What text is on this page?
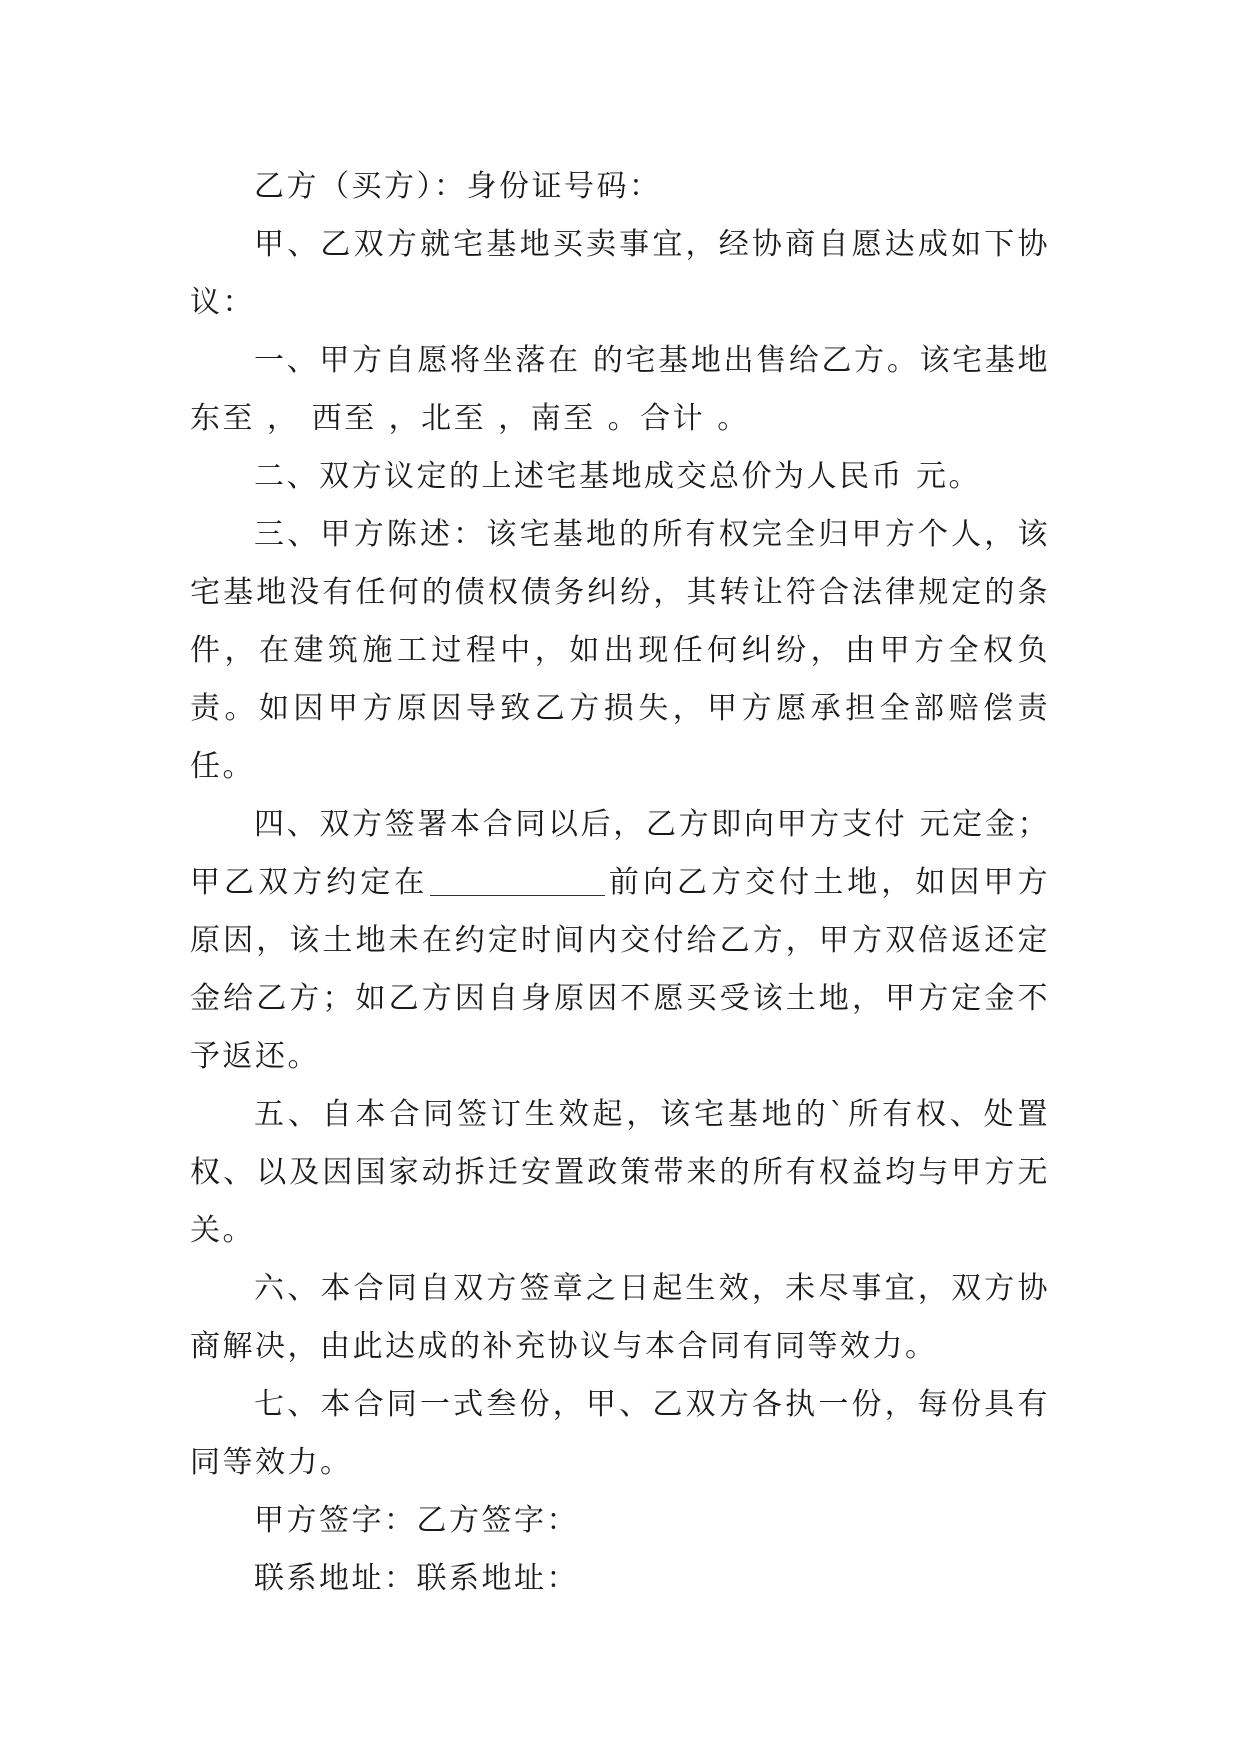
乙方（买方）：身份证号码：

甲、乙双方就宅基地买卖事宜，经协商自愿达成如下协议：

一、甲方自愿将坐落在 的宅基地出售给乙方。该宅基地东至 ， 西至 ，北至 ，南至 。合计 。

二、双方议定的上述宅基地成交总价为人民币 元。

三、甲方陈述：该宅基地的所有权完全归甲方个人，该宅基地没有任何的债权债务纠纷，其转让符合法律规定的条件，在建筑施工过程中，如出现任何纠纷，由甲方全权负责。如因甲方原因导致乙方损失，甲方愿承担全部赔偿责任。

四、双方签署本合同以后，乙方即向甲方支付 元定金；甲乙双方约定在	前向乙方交付土地，如因甲方原因，该土地未在约定时间内交付给乙方，甲方双倍返还定金给乙方；如乙方因自身原因不愿买受该土地，甲方定金不予返还。

五、自本合同签订生效起，该宅基地的`所有权、处置权、以及因国家动拆迁安置政策带来的所有权益均与甲方无关。

六、本合同自双方签章之日起生效，未尽事宜，双方协商解决，由此达成的补充协议与本合同有同等效力。

七、本合同一式叁份，甲、乙双方各执一份，每份具有同等效力。

甲方签字：乙方签字：

联系地址：联系地址：
